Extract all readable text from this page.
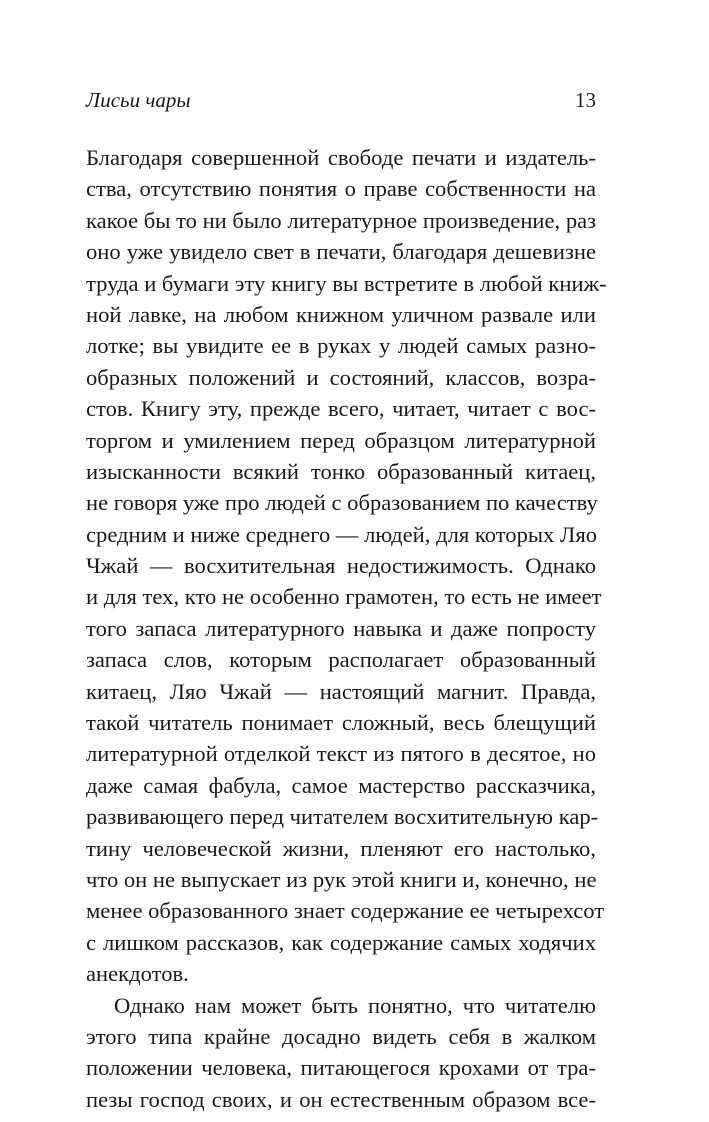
Лисьи чары	13
Благодаря совершенной свободе печати и издатель-
ства, отсутствию понятия о праве собственности на
какое бы то ни было литературное произведение, раз
оно уже увидело свет в печати, благодаря дешевизне
труда и бумаги эту книгу вы встретите в любой книж-
ной лавке, на любом книжном уличном развале или
лотке; вы увидите ее в руках у людей самых разно-
образных положений и состояний, классов, возра-
стов. Книгу эту, прежде всего, читает, читает с вос-
торгом и умилением перед образцом литературной
изысканности всякий тонко образованный китаец,
не говоря уже про людей с образованием по качеству
средним и ниже среднего — людей, для которых Ляо
Чжай — восхитительная недостижимость. Однако
и для тех, кто не особенно грамотен, то есть не имеет
того запаса литературного навыка и даже попросту
запаса слов, которым располагает образованный
китаец, Ляо Чжай — настоящий магнит. Правда,
такой читатель понимает сложный, весь блещущий
литературной отделкой текст из пятого в десятое, но
даже самая фабула, самое мастерство рассказчика,
развивающего перед читателем восхитительную кар-
тину человеческой жизни, пленяют его настолько,
что он не выпускает из рук этой книги и, конечно, не
менее образованного знает содержание ее четырехсот
с лишком рассказов, как содержание самых ходячих
анекдотов.
Однако нам может быть понятно, что читателю
этого типа крайне досадно видеть себя в жалком
положении человека, питающегося крохами от тра-
пезы господ своих, и он естественным образом все-
